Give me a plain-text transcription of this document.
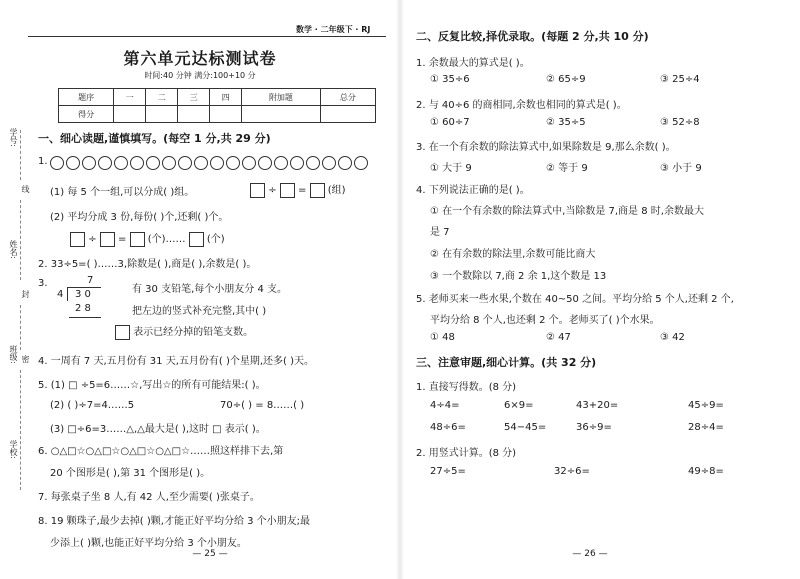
学号:
线
姓名:
封
班级: 密
学校:
数学 · 二年级下 · RJ
第六单元达标测试卷
时间:40 分钟 满分:100+10 分
题序	一	二	三	四	附加题	总分
得分						
一、细心读题,谨慎填写。(每空 1 分,共 29 分)
1.
(1) 每 5 个一组,可以分成( )组。	÷ = (组)
(2) 平均分成 3 份,每份( )个,还剩( )个。
÷ = (个)…… (个)
2. 33÷5=( )……3,除数是( ),商是( ),余数是( )。
3.	7
4 3 0
2 8
有 30 支铅笔,每个小朋友分 4 支。
把左边的竖式补充完整,其中( )
表示已经分掉的铅笔支数。
4. 一周有 7 天,五月份有 31 天,五月份有( )个星期,还多( )天。
5. (1) □ ÷5=6……☆,写出☆的所有可能结果:( )。
(2) ( )÷7=4……5	70÷( ) = 8……( )
(3) □÷6=3……△,△最大是( ),这时 □ 表示( )。
6. ○△□☆○△□☆○△□☆○△□☆……照这样排下去,第
20 个图形是( ),第 31 个图形是( )。
7. 每张桌子坐 8 人,有 42 人,至少需要( )张桌子。
8. 19 颗珠子,最少去掉( )颗,才能正好平均分给 3 个小朋友;最
少添上( )颗,也能正好平均分给 3 个小朋友。
— 25 —
二、反复比较,择优录取。(每题 2 分,共 10 分)
1. 余数最大的算式是( )。
① 35÷6	② 65÷9	③ 25÷4
2. 与 40÷6 的商相同,余数也相同的算式是( )。
① 60÷7	② 35÷5	③ 52÷8
3. 在一个有余数的除法算式中,如果除数是 9,那么余数( )。
① 大于 9	② 等于 9	③ 小于 9
4. 下列说法正确的是( )。
① 在一个有余数的除法算式中,当除数是 7,商是 8 时,余数最大
是 7
② 在有余数的除法里,余数可能比商大
③ 一个数除以 7,商 2 余 1,这个数是 13
5. 老师买来一些水果,个数在 40~50 之间。平均分给 5 个人,还剩 2 个,
平均分给 8 个人,也还剩 2 个。老师买了( )个水果。
① 48	② 47	③ 42
三、注意审题,细心计算。(共 32 分)
1. 直接写得数。(8 分)
4÷4=	6×9=	43+20=	45÷9=
48÷6=	54−45=	36÷9=	28÷4=
2. 用竖式计算。(8 分)
27÷5=	32÷6=	49÷8=
— 26 —
